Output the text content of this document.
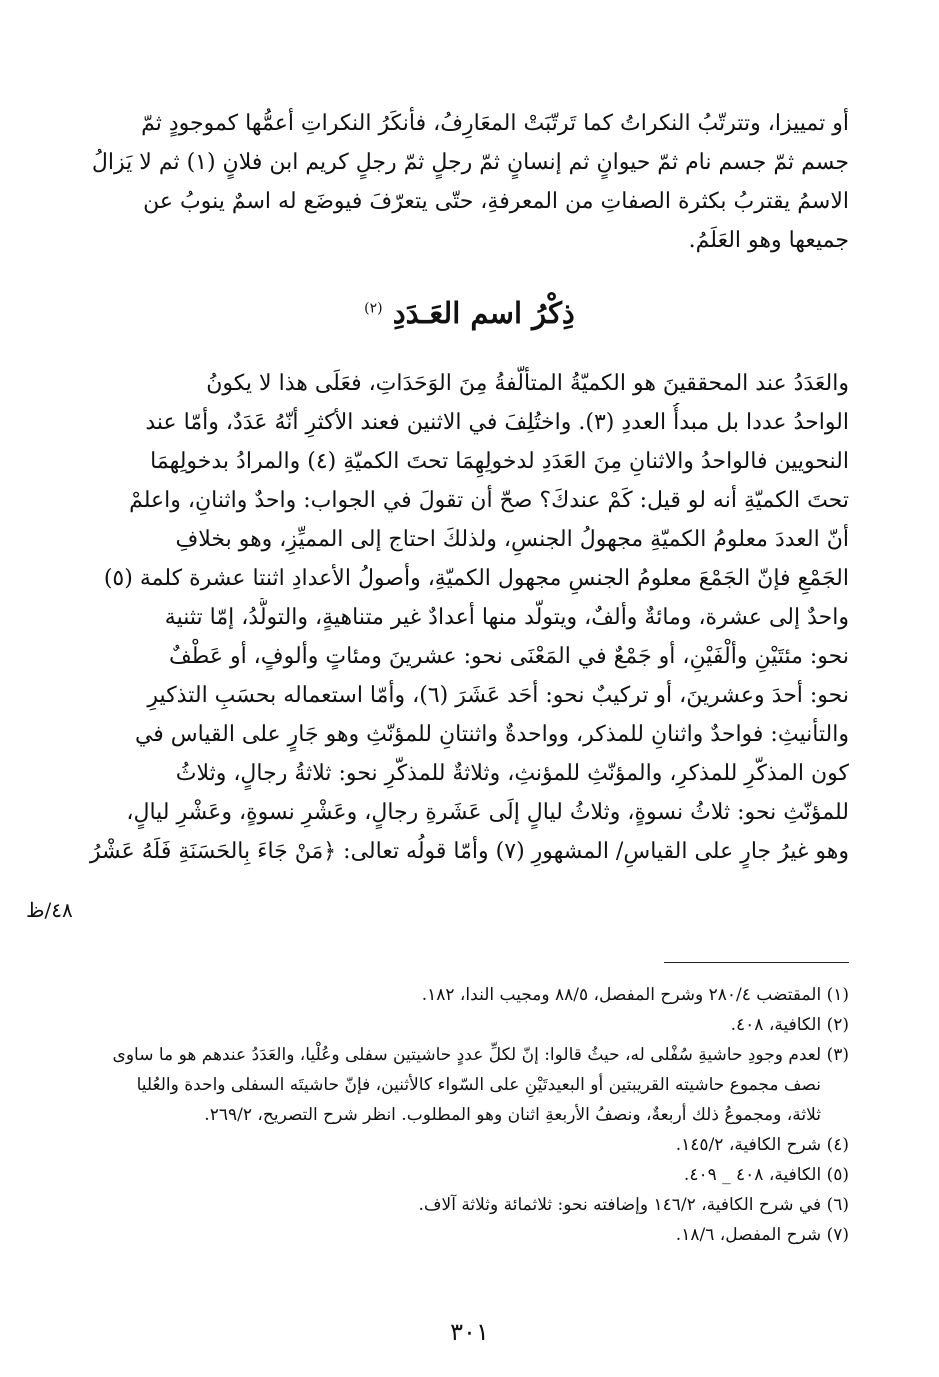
أو تمييزا، وتترتّبُ النكراتُ كما تَرتّبَتْ المعَارِفُ، فأنكَرُ النكراتِ أعمُّها كموجودٍ ثمّ
جسم ثمّ جسم نام ثمّ حيوانٍ ثم إنسانٍ ثمّ رجلٍ ثمّ رجلٍ كريم ابن فلانٍ (١) ثم لا يَزالُ
الاسمُ يقتربُ بكثرة الصفاتِ من المعرفةِ، حتّى يتعرّفَ فيوضَع له اسمٌ ينوبُ عن
جميعها وهو العَلَمُ.
ذِكْرُ اسم العَـدَدِ $^{(٢)}$
والعَدَدُ عند المحققينَ هو الكميّةُ المتألّفةُ مِنَ الوَحَدَاتِ، فعَلَى هذا لا يكونُ
الواحدُ عددا بل مبدأُ العددِ (٣). واختُلِفَ في الاثنين فعند الأكثرِ أنّهُ عَدَدٌ، وأمّا عند
النحويين فالواحدُ والاثنانِ مِنَ العَدَدِ لدخولِهِمَا تحتَ الكميّةِ (٤) والمرادُ بدخولِهمَا
تحتَ الكميّةِ أنه لو قيل: كَمْ عندكَ؟ صحّ أن تقولَ في الجواب: واحدٌ واثنانِ، واعلمْ
أنّ العددَ معلومُ الكميّةِ مجهولُ الجنسِ، ولذلكَ احتاج إلى المميِّزِ، وهو بخلافِ
الجَمْعِ فإنّ الجَمْعَ معلومُ الجنسِ مجهول الكميّةِ، وأصولُ الأعدادِ اثنتا عشرة كلمة (٥)
واحدٌ إلى عشرة، ومائةٌ وألفٌ، ويتولّد منها أعدادٌ غير متناهيةٍ، والتولُّدُ، إمّا تثنية
نحو: مئتَيْنِ وألْفَيْنِ، أو جَمْعٌ في المَعْنَى نحو: عشرينَ ومئاتٍ وألوفٍ، أو عَطْفٌ
نحو: أحدَ وعشرينَ، أو تركيبٌ نحو: أحَد عَشَرَ (٦)، وأمّا استعماله بحسَبِ التذكيرِ
والتأنيثِ: فواحدٌ واثنانِ للمذكر، وواحدةٌ واثنتانِ للمؤنّثِ وهو جَارٍ على القياس في
كون المذكّرِ للمذكرِ، والمؤنّثِ للمؤنثِ، وثلاثةٌ للمذكّرِ نحو: ثلاثةُ رجالٍ، وثلاثُ
للمؤنّثِ نحو: ثلاثُ نسوةٍ، وثلاثُ ليالٍ إلَى عَشَرةِ رجالٍ، وعَشْرِ نسوةٍ، وعَشْرِ ليالٍ،
وهو غيرُ جارٍ على القياسِ/ المشهورِ (٧) وأمّا قولُه تعالى: ﴿مَنْ جَاءَ بِالحَسَنَةِ فَلَهُ عَشْرُ
٤٨/ظ
(١) المقتضب ٢٨٠/٤ وشرح المفصل، ٨٨/٥ ومجيب الندا، ١٨٢.
(٢) الكافية، ٤٠٨.
(٣) لعدم وجودِ حاشيةِ سُفْلى له، حيثُ قالوا: إنّ لكلِّ عددٍ حاشيتين سفلى وعُلْيا، والعَدَدُ عندهم هو ما ساوى
نصف مجموع حاشيته القريبتين أو البعيدتَيْنِ على السّواء كالأثنين، فإنّ حاشيتَه السفلى واحدة والعُليا
ثلاثة، ومجموعُ ذلك أربعةٌ، ونصفُ الأربعةِ اثنان وهو المطلوب. انظر شرح التصريح، ٢٦٩/٢.
(٤) شرح الكافية، ١٤٥/٢.
(٥) الكافية، ٤٠٨ _ ٤٠٩.
(٦) في شرح الكافية، ١٤٦/٢ وإضافته نحو: ثلاثمائة وثلاثة آلاف.
(٧) شرح المفصل، ١٨/٦.
٣٠١
